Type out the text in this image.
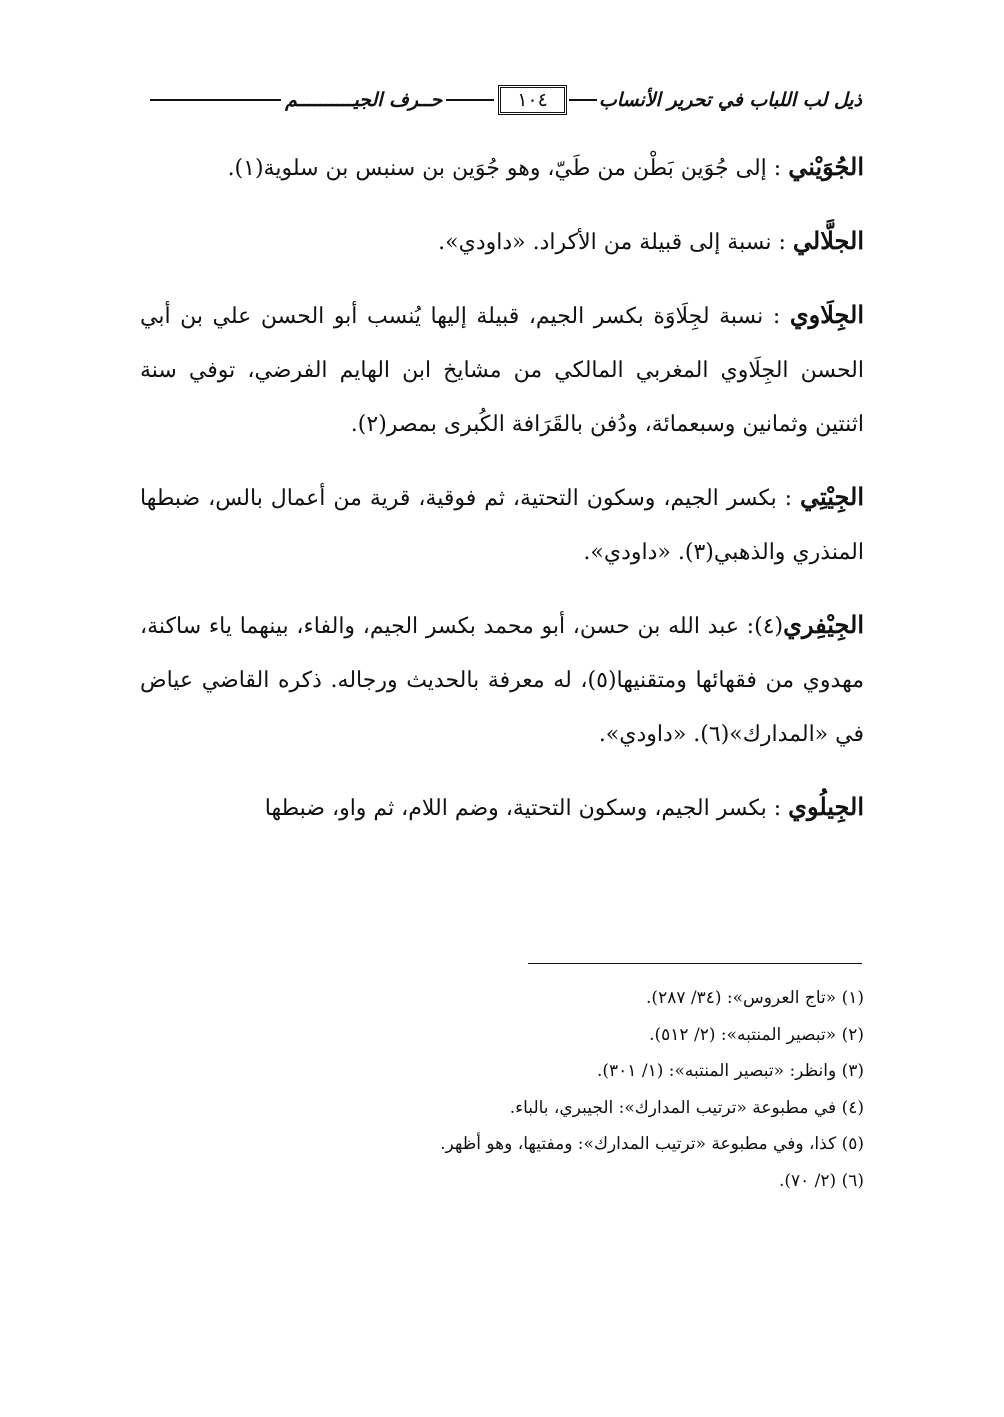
ذيل لب اللباب في تحرير الأنساب
١٠٤
حــرف الجيــــــــــم

الجُوَيْني : إلى جُوَين بَطْن من طَيّ، وهو جُوَين بن سنبس بن سلوية(١).

الجلَّالي : نسبة إلى قبيلة من الأكراد. «داودي».

الجِلَاوي : نسبة لجِلَاوَة بكسر الجيم، قبيلة إليها يُنسب أبو الحسن علي بن أبي الحسن الجِلَاوي المغربي المالكي من مشايخ ابن الهايم الفرضي، توفي سنة اثنتين وثمانين وسبعمائة، ودُفن بالقَرَافة الكُبرى بمصر(٢).

الجِيْتِي : بكسر الجيم، وسكون التحتية، ثم فوقية، قرية من أعمال بالس، ضبطها المنذري والذهبي(٣). «داودي».

الجِيْفِري(٤): عبد الله بن حسن، أبو محمد بكسر الجيم، والفاء، بينهما ياء ساكنة، مهدوي من فقهائها ومتقنيها(٥)، له معرفة بالحديث ورجاله. ذكره القاضي عياض في «المدارك»(٦). «داودي».

الجِيلُوي : بكسر الجيم، وسكون التحتية، وضم اللام، ثم واو، ضبطها

(١) «تاج العروس»: (٣٤/ ٢٨٧).
(٢) «تبصير المنتبه»: (٢/ ٥١٢).
(٣) وانظر: «تبصير المنتبه»: (١/ ٣٠١).
(٤) في مطبوعة «ترتيب المدارك»: الجيبري، بالباء.
(٥) كذا، وفي مطبوعة «ترتيب المدارك»: ومفتيها، وهو أظهر.
(٦) (٢/ ٧٠).
